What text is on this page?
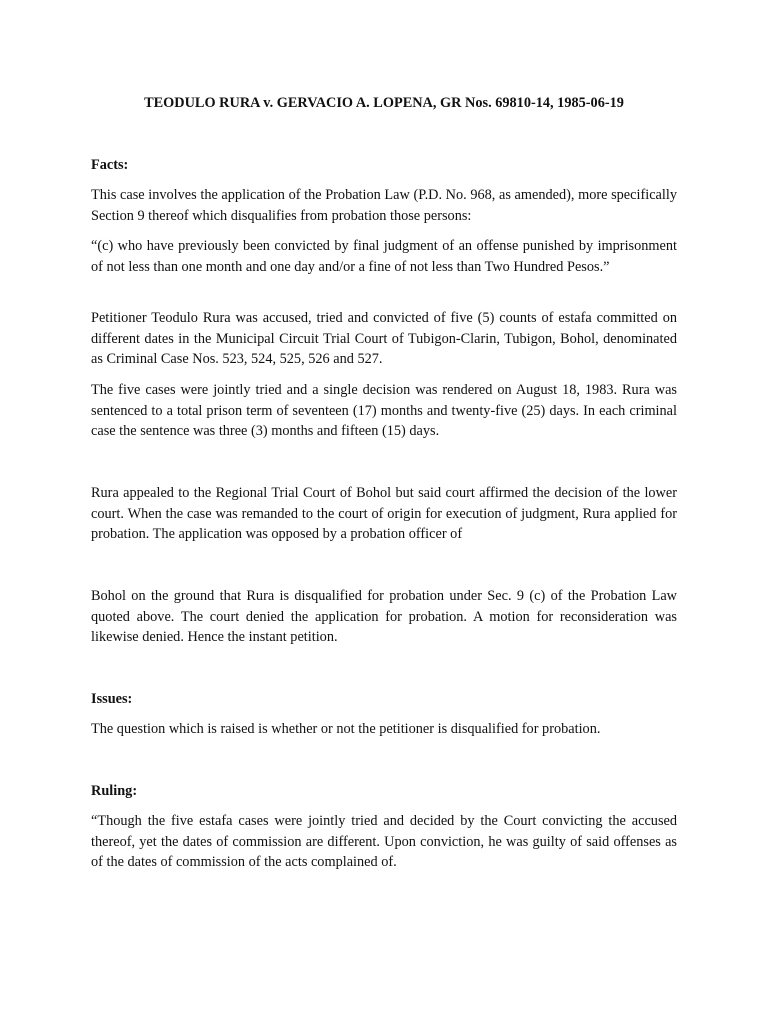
TEODULO RURA v. GERVACIO A. LOPENA, GR Nos. 69810-14, 1985-06-19

Facts:

This case involves the application of the Probation Law (P.D. No. 968, as amended), more specifically Section 9 thereof which disqualifies from probation those persons:

“(c) who have previously been convicted by final judgment of an offense punished by imprisonment of not less than one month and one day and/or a fine of not less than Two Hundred Pesos.”

Petitioner Teodulo Rura was accused, tried and convicted of five (5) counts of estafa committed on different dates in the Municipal Circuit Trial Court of Tubigon-Clarin, Tubigon, Bohol, denominated as Criminal Case Nos. 523, 524, 525, 526 and 527.

The five cases were jointly tried and a single decision was rendered on August 18, 1983. Rura was sentenced to a total prison term of seventeen (17) months and twenty-five (25) days. In each criminal case the sentence was three (3) months and fifteen (15) days.

Rura appealed to the Regional Trial Court of Bohol but said court affirmed the decision of the lower court. When the case was remanded to the court of origin for execution of judgment, Rura applied for probation. The application was opposed by a probation officer of

Bohol on the ground that Rura is disqualified for probation under Sec. 9 (c) of the Probation Law quoted above. The court denied the application for probation. A motion for reconsideration was likewise denied. Hence the instant petition.

Issues:

The question which is raised is whether or not the petitioner is disqualified for probation.

Ruling:

“Though the five estafa cases were jointly tried and decided by the Court convicting the accused thereof, yet the dates of commission are different. Upon conviction, he was guilty of said offenses as of the dates of commission of the acts complained of.
